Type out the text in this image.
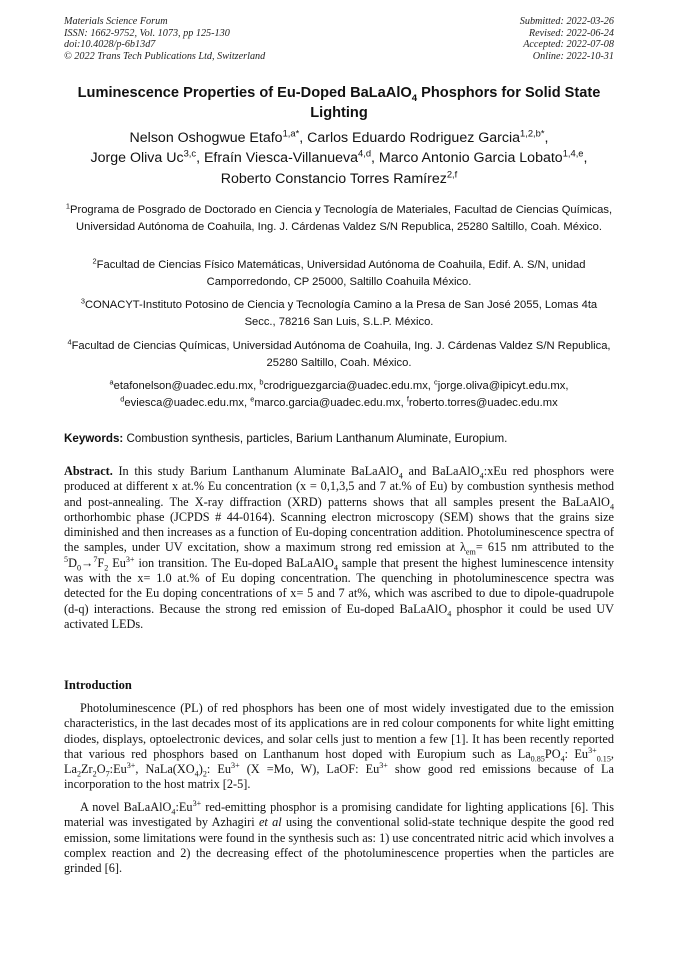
Materials Science Forum
ISSN: 1662-9752, Vol. 1073, pp 125-130
doi:10.4028/p-6b13d7
© 2022 Trans Tech Publications Ltd, Switzerland
Submitted: 2022-03-26
Revised: 2022-06-24
Accepted: 2022-07-08
Online: 2022-10-31
Luminescence Properties of Eu-Doped BaLaAlO$_4$ Phosphors for Solid State Lighting
Nelson Oshogwue Etafo$^{1,a*}$, Carlos Eduardo Rodriguez Garcia$^{1,2,b*}$,
Jorge Oliva Uc$^{3,c}$, Efraín Viesca-Villanueva$^{4,d}$, Marco Antonio Garcia Lobato$^{1,4,e}$,
Roberto Constancio Torres Ramírez$^{2,f}$
$^1$Programa de Posgrado de Doctorado en Ciencia y Tecnología de Materiales, Facultad de Ciencias Químicas, Universidad Autónoma de Coahuila, Ing. J. Cárdenas Valdez S/N Republica, 25280 Saltillo, Coah. México.
$^2$Facultad de Ciencias Físico Matemáticas, Universidad Autónoma de Coahuila, Edif. A. S/N, unidad Camporredondo, CP 25000, Saltillo Coahuila México.
$^3$CONACYT-Instituto Potosino de Ciencia y Tecnología Camino a la Presa de San José 2055, Lomas 4ta Secc., 78216 San Luis, S.L.P. México.
$^4$Facultad de Ciencias Químicas, Universidad Autónoma de Coahuila, Ing. J. Cárdenas Valdez S/N Republica, 25280 Saltillo, Coah. México.
$^a$etafonelson@uadec.edu.mx, $^b$crodriguezgarcia@uadec.edu.mx, $^c$jorge.oliva@ipicyt.edu.mx,
$^d$eviesca@uadec.edu.mx, $^e$marco.garcia@uadec.edu.mx, $^f$roberto.torres@uadec.edu.mx
Keywords: Combustion synthesis, particles, Barium Lanthanum Aluminate, Europium.
Abstract. In this study Barium Lanthanum Aluminate BaLaAlO$_4$ and BaLaAlO$_4$:xEu red phosphors were produced at different x at.% Eu concentration (x = 0,1,3,5 and 7 at.% of Eu) by combustion synthesis method and post-annealing. The X-ray diffraction (XRD) patterns shows that all samples present the BaLaAlO$_4$ orthorhombic phase (JCPDS # 44-0164). Scanning electron microscopy (SEM) shows that the grains size diminished and then increases as a function of Eu-doping concentration addition. Photoluminescence spectra of the samples, under UV excitation, show a maximum strong red emission at $\lambda_{em}= 615$ nm attributed to the $^5D_0\to^7F_2$ $Eu^{3+}$ ion transition. The Eu-doped BaLaAlO$_4$ sample that present the highest luminescence intensity was with the x= 1.0 at.% of Eu doping concentration. The quenching in photoluminescence spectra was detected for the Eu doping concentrations of x= 5 and 7 at%, which was ascribed to due to dipole-quadrupole (d-q) interactions. Because the strong red emission of Eu-doped BaLaAlO$_4$ phosphor it could be used UV activated LEDs.
Introduction
Photoluminescence (PL) of red phosphors has been one of most widely investigated due to the emission characteristics, in the last decades most of its applications are in red colour components for white light emitting diodes, displays, optoelectronic devices, and solar cells just to mention a few [1]. It has been recently reported that various red phosphors based on Lanthanum host doped with Europium such as $La_{0.85}PO_4$: $Eu^{3+}_{0.15}$, $La_2Zr_2O_7:Eu^{3+}$, $NaLa(XO_4)_2$: $Eu^{3+}$ (X =Mo, W), LaOF: $Eu^{3+}$ show good red emissions because of La incorporation to the host matrix [2-5].
A novel $BaLaAlO_4:Eu^{3+}$ red-emitting phosphor is a promising candidate for lighting applications [6]. This material was investigated by Azhagiri et al using the conventional solid-state technique despite the good red emission, some limitations were found in the synthesis such as: 1) use concentrated nitric acid which involves a complex reaction and 2) the decreasing effect of the photoluminescence properties when the particles are grinded [6].
